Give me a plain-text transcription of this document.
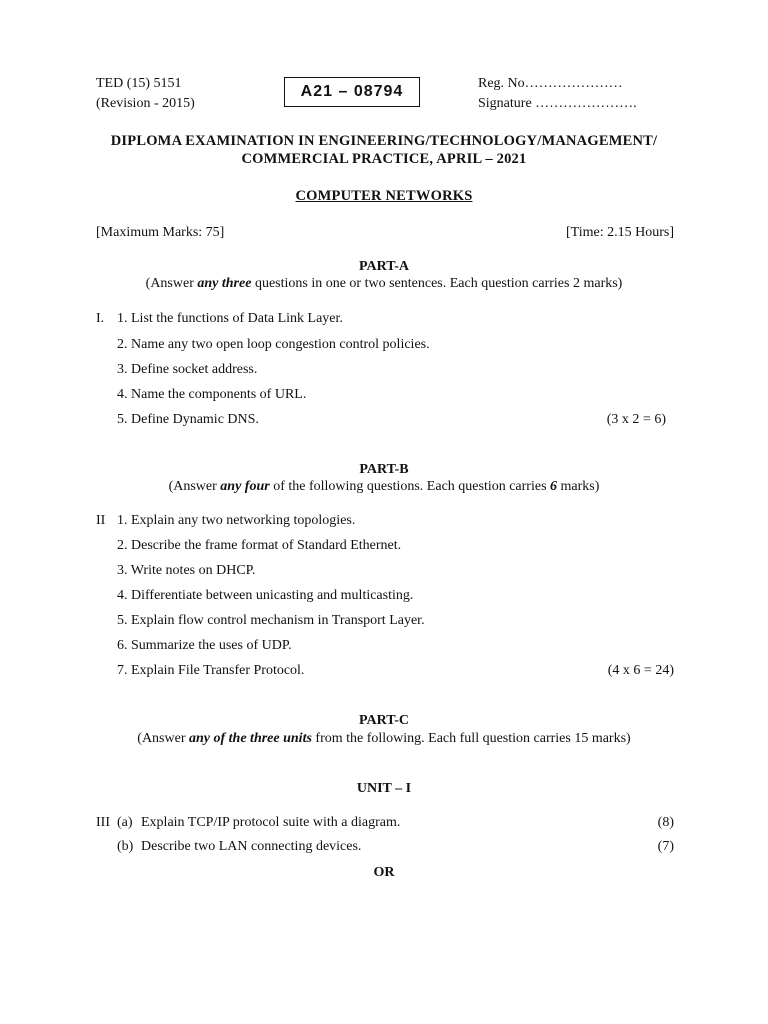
TED (15) 5151
(Revision - 2015)
A21 – 08794	Reg. No…………………
Signature ………………….
DIPLOMA EXAMINATION IN ENGINEERING/TECHNOLOGY/MANAGEMENT/
COMMERCIAL PRACTICE, APRIL – 2021
COMPUTER NETWORKS
[Maximum Marks: 75]	[Time: 2.15 Hours]
PART-A
(Answer any three questions in one or two sentences. Each question carries 2 marks)
I. 1. List the functions of Data Link Layer.
2. Name any two open loop congestion control policies.
3. Define socket address.
4. Name the components of URL.
5. Define Dynamic DNS.	(3 x 2 = 6)
PART-B
(Answer any four of the following questions. Each question carries 6 marks)
II 1. Explain any two networking topologies.
2. Describe the frame format of Standard Ethernet.
3. Write notes on DHCP.
4. Differentiate between unicasting and multicasting.
5. Explain flow control mechanism in Transport Layer.
6. Summarize the uses of UDP.
7. Explain File Transfer Protocol.	(4 x 6 = 24)
PART-C
(Answer any of the three units from the following. Each full question carries 15 marks)
UNIT – I
III (a) Explain TCP/IP protocol suite with a diagram.	(8)
(b) Describe two LAN connecting devices.	(7)
OR
